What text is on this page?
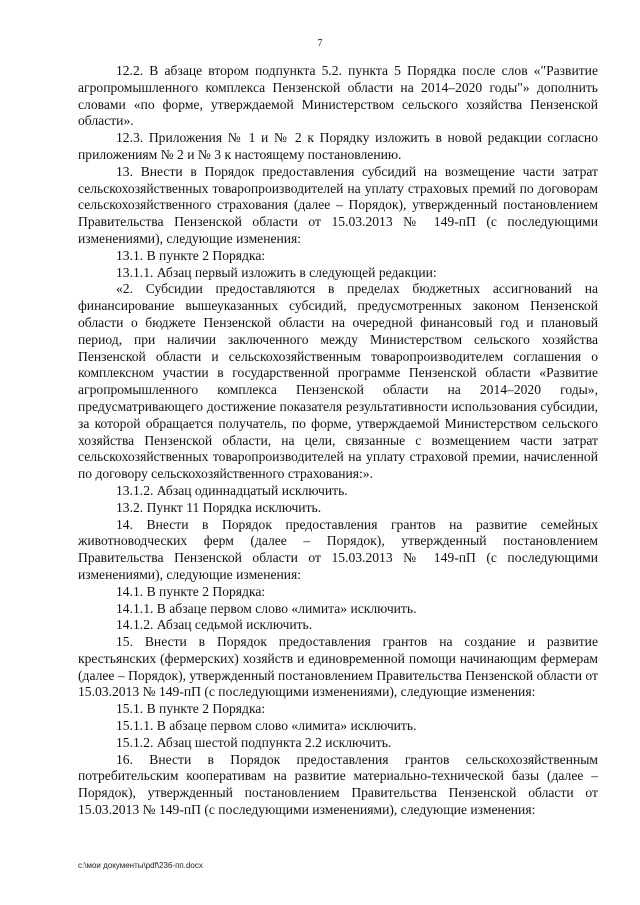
7

12.2. В абзаце втором подпункта 5.2. пункта 5 Порядка после слов «"Развитие агропромышленного комплекса Пензенской области на 2014–2020 годы"» дополнить словами «по форме, утверждаемой Министерством сельского хозяйства Пензенской области».

12.3. Приложения № 1 и № 2 к Порядку изложить в новой редакции согласно приложениям № 2 и № 3 к настоящему постановлению.

13. Внести в Порядок предоставления субсидий на возмещение части затрат сельскохозяйственных товаропроизводителей на уплату страховых премий по договорам сельскохозяйственного страхования (далее – Порядок), утвержденный постановлением Правительства Пензенской области от 15.03.2013 № 149-пП (с последующими изменениями), следующие изменения:

13.1. В пункте 2 Порядка:

13.1.1. Абзац первый изложить в следующей редакции:

«2. Субсидии предоставляются в пределах бюджетных ассигнований на финансирование вышеуказанных субсидий, предусмотренных законом Пензенской области о бюджете Пензенской области на очередной финансовый год и плановый период, при наличии заключенного между Министерством сельского хозяйства Пензенской области и сельскохозяйственным товаропроизводителем соглашения о комплексном участии в государственной программе Пензенской области «Развитие агропромышленного комплекса Пензенской области на 2014–2020 годы», предусматривающего достижение показателя результативности использования субсидии, за которой обращается получатель, по форме, утверждаемой Министерством сельского хозяйства Пензенской области, на цели, связанные с возмещением части затрат сельскохозяйственных товаропроизводителей на уплату страховой премии, начисленной по договору сельскохозяйственного страхования:».

13.1.2. Абзац одиннадцатый исключить.

13.2. Пункт 11 Порядка исключить.

14. Внести в Порядок предоставления грантов на развитие семейных животноводческих ферм (далее – Порядок), утвержденный постановлением Правительства Пензенской области от 15.03.2013 № 149-пП (с последующими изменениями), следующие изменения:

14.1. В пункте 2 Порядка:

14.1.1. В абзаце первом слово «лимита» исключить.

14.1.2. Абзац седьмой исключить.

15. Внести в Порядок предоставления грантов на создание и развитие крестьянских (фермерских) хозяйств и единовременной помощи начинающим фермерам (далее – Порядок), утвержденный постановлением Правительства Пензенской области от 15.03.2013 № 149-пП (с последующими изменениями), следующие изменения:

15.1. В пункте 2 Порядка:

15.1.1. В абзаце первом слово «лимита» исключить.

15.1.2. Абзац шестой подпункта 2.2 исключить.

16. Внести в Порядок предоставления грантов сельскохозяйственным потребительским кооперативам на развитие материально-технической базы (далее – Порядок), утвержденный постановлением Правительства Пензенской области от 15.03.2013 № 149-пП (с последующими изменениями), следующие изменения:

c:\мои документы\pdf\236-пп.docx
